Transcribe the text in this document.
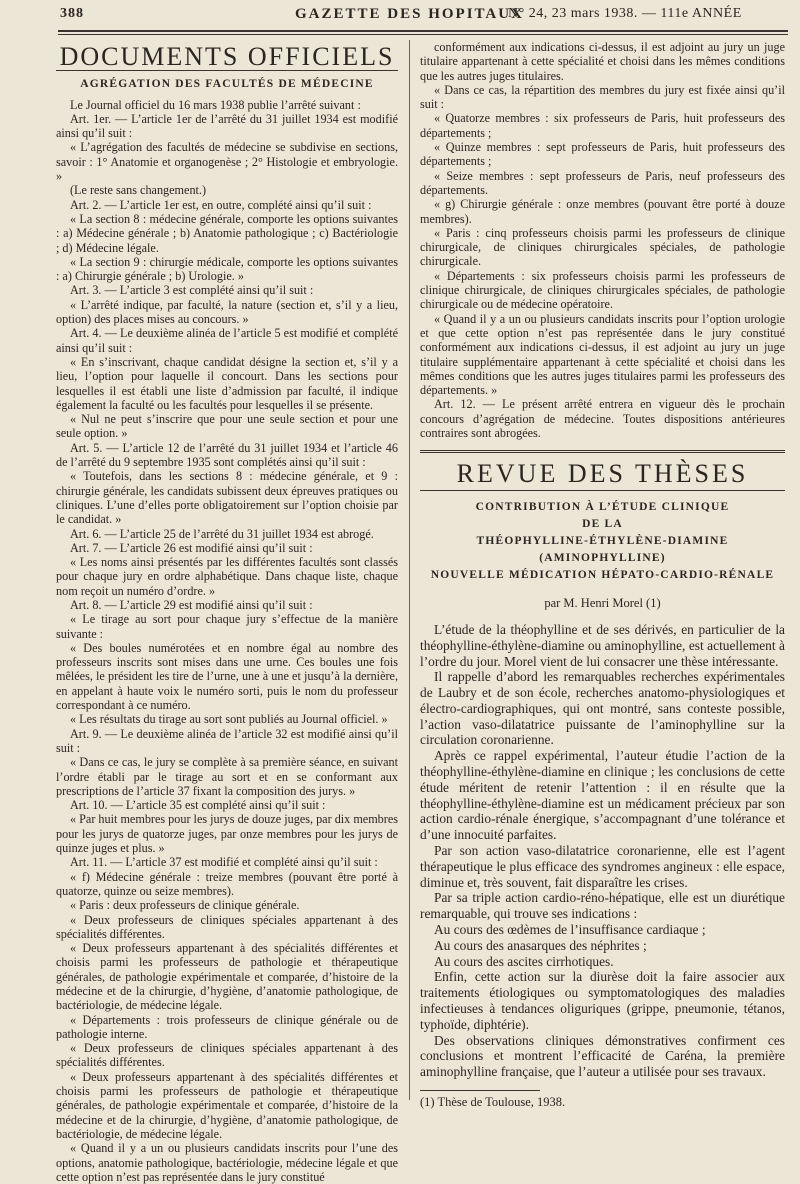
388	GAZETTE DES HOPITAUX
N° 24, 23 mars 1938. — 111e ANNÉE
DOCUMENTS OFFICIELS
AGRÉGATION DES FACULTÉS DE MÉDECINE

Le Journal officiel du 16 mars 1938 publie l’arrêté suivant :

Art. 1er. — L’article 1er de l’arrêté du 31 juillet 1934 est modifié ainsi qu’il suit :

« L’agrégation des facultés de médecine se subdivise en sections, savoir : 1° Anatomie et organogenèse ; 2° Histologie et embryologie. »

(Le reste sans changement.)

Art. 2. — L’article 1er est, en outre, complété ainsi qu’il suit :

« La section 8 : médecine générale, comporte les options suivantes : a) Médecine générale ; b) Anatomie pathologique ; c) Bactériologie ; d) Médecine légale.

« La section 9 : chirurgie médicale, comporte les options suivantes : a) Chirurgie générale ; b) Urologie. »

Art. 3. — L’article 3 est complété ainsi qu’il suit :

« L’arrêté indique, par faculté, la nature (section et, s’il y a lieu, option) des places mises au concours. »

Art. 4. — Le deuxième alinéa de l’article 5 est modifié et complété ainsi qu’il suit :

« En s’inscrivant, chaque candidat désigne la section et, s’il y a lieu, l’option pour laquelle il concourt. Dans les sections pour lesquelles il est établi une liste d’admission par faculté, il indique également la faculté ou les facultés pour lesquelles il se présente.

« Nul ne peut s’inscrire que pour une seule section et pour une seule option. »

Art. 5. — L’article 12 de l’arrêté du 31 juillet 1934 et l’article 46 de l’arrêté du 9 septembre 1935 sont complétés ainsi qu’il suit :

« Toutefois, dans les sections 8 : médecine générale, et 9 : chirurgie générale, les candidats subissent deux épreuves pratiques ou cliniques. L’une d’elles porte obligatoirement sur l’option choisie par le candidat. »

Art. 6. — L’article 25 de l’arrêté du 31 juillet 1934 est abrogé.

Art. 7. — L’article 26 est modifié ainsi qu’il suit :

« Les noms ainsi présentés par les différentes facultés sont classés pour chaque jury en ordre alphabétique. Dans chaque liste, chaque nom reçoit un numéro d’ordre. »

Art. 8. — L’article 29 est modifié ainsi qu’il suit :

« Le tirage au sort pour chaque jury s’effectue de la manière suivante :

« Des boules numérotées et en nombre égal au nombre des professeurs inscrits sont mises dans une urne. Ces boules une fois mêlées, le président les tire de l’urne, une à une et jusqu’à la dernière, en appelant à haute voix le numéro sorti, puis le nom du professeur correspondant à ce numéro.

« Les résultats du tirage au sort sont publiés au Journal officiel. »

Art. 9. — Le deuxième alinéa de l’article 32 est modifié ainsi qu’il suit :

« Dans ce cas, le jury se complète à sa première séance, en suivant l’ordre établi par le tirage au sort et en se conformant aux prescriptions de l’article 37 fixant la composition des jurys. »

Art. 10. — L’article 35 est complété ainsi qu’il suit :

« Par huit membres pour les jurys de douze juges, par dix membres pour les jurys de quatorze juges, par onze membres pour les jurys de quinze juges et plus. »

Art. 11. — L’article 37 est modifié et complété ainsi qu’il suit :

« f) Médecine générale : treize membres (pouvant être porté à quatorze, quinze ou seize membres).

« Paris : deux professeurs de clinique générale.

« Deux professeurs de cliniques spéciales appartenant à des spécialités différentes.

« Deux professeurs appartenant à des spécialités différentes et choisis parmi les professeurs de pathologie et thérapeutique générales, de pathologie expérimentale et comparée, d’histoire de la médecine et de la chirurgie, d’hygiène, d’anatomie pathologique, de bactériologie, de médecine légale.

« Départements : trois professeurs de clinique générale ou de pathologie interne.

« Deux professeurs de cliniques spéciales appartenant à des spécialités différentes.

« Deux professeurs appartenant à des spécialités différentes et choisis parmi les professeurs de pathologie et thérapeutique générales, de pathologie expérimentale et comparée, d’histoire de la médecine et de la chirurgie, d’hygiène, d’anatomie pathologique, de bactériologie, de médecine légale.

« Quand il y a un ou plusieurs candidats inscrits pour l’une des options, anatomie pathologique, bactériologie, médecine légale et que cette option n’est pas représentée dans le jury constitué

conformément aux indications ci-dessus, il est adjoint au jury un juge titulaire appartenant à cette spécialité et choisi dans les mêmes conditions que les autres juges titulaires.

« Dans ce cas, la répartition des membres du jury est fixée ainsi qu’il suit :

« Quatorze membres : six professeurs de Paris, huit professeurs des départements ;

« Quinze membres : sept professeurs de Paris, huit professeurs des départements ;

« Seize membres : sept professeurs de Paris, neuf professeurs des départements.

« g) Chirurgie générale : onze membres (pouvant être porté à douze membres).

« Paris : cinq professeurs choisis parmi les professeurs de clinique chirurgicale, de cliniques chirurgicales spéciales, de pathologie chirurgicale.

« Départements : six professeurs choisis parmi les professeurs de clinique chirurgicale, de cliniques chirurgicales spéciales, de pathologie chirurgicale ou de médecine opératoire.

« Quand il y a un ou plusieurs candidats inscrits pour l’option urologie et que cette option n’est pas représentée dans le jury constitué conformément aux indications ci-dessus, il est adjoint au jury un juge titulaire supplémentaire appartenant à cette spécialité et choisi dans les mêmes conditions que les autres juges titulaires parmi les professeurs des départements. »

Art. 12. — Le présent arrêté entrera en vigueur dès le prochain concours d’agrégation de médecine. Toutes dispositions antérieures contraires sont abrogées.

REVUE DES THÈSES
CONTRIBUTION À L’ÉTUDE CLINIQUE
DE LA
THÉOPHYLLINE-ÉTHYLÈNE-DIAMINE (AMINOPHYLLINE)
NOUVELLE MÉDICATION HÉPATO-CARDIO-RÉNALE
par M. Henri Morel (1)

L’étude de la théophylline et de ses dérivés, en particulier de la théophylline-éthylène-diamine ou aminophylline, est actuellement à l’ordre du jour. Morel vient de lui consacrer une thèse intéressante.

Il rappelle d’abord les remarquables recherches expérimentales de Laubry et de son école, recherches anatomo-physiologiques et électro-cardiographiques, qui ont montré, sans conteste possible, l’action vaso-dilatatrice puissante de l’aminophylline sur la circulation coronarienne.

Après ce rappel expérimental, l’auteur étudie l’action de la théophylline-éthylène-diamine en clinique ; les conclusions de cette étude méritent de retenir l’attention : il en résulte que la théophylline-éthylène-diamine est un médicament précieux par son action cardio-rénale énergique, s’accompagnant d’une tolérance et d’une innocuité parfaites.

Par son action vaso-dilatatrice coronarienne, elle est l’agent thérapeutique le plus efficace des syndromes angineux : elle espace, diminue et, très souvent, fait disparaître les crises.

Par sa triple action cardio-réno-hépatique, elle est un diurétique remarquable, qui trouve ses indications :

Au cours des œdèmes de l’insuffisance cardiaque ;

Au cours des anasarques des néphrites ;

Au cours des ascites cirrhotiques.

Enfin, cette action sur la diurèse doit la faire associer aux traitements étiologiques ou symptomatologiques des maladies infectieuses à tendances oliguriques (grippe, pneumonie, tétanos, typhoïde, diphtérie).

Des observations cliniques démonstratives confirment ces conclusions et montrent l’efficacité de Caréna, la première aminophylline française, que l’auteur a utilisée pour ses travaux.

(1) Thèse de Toulouse, 1938.
